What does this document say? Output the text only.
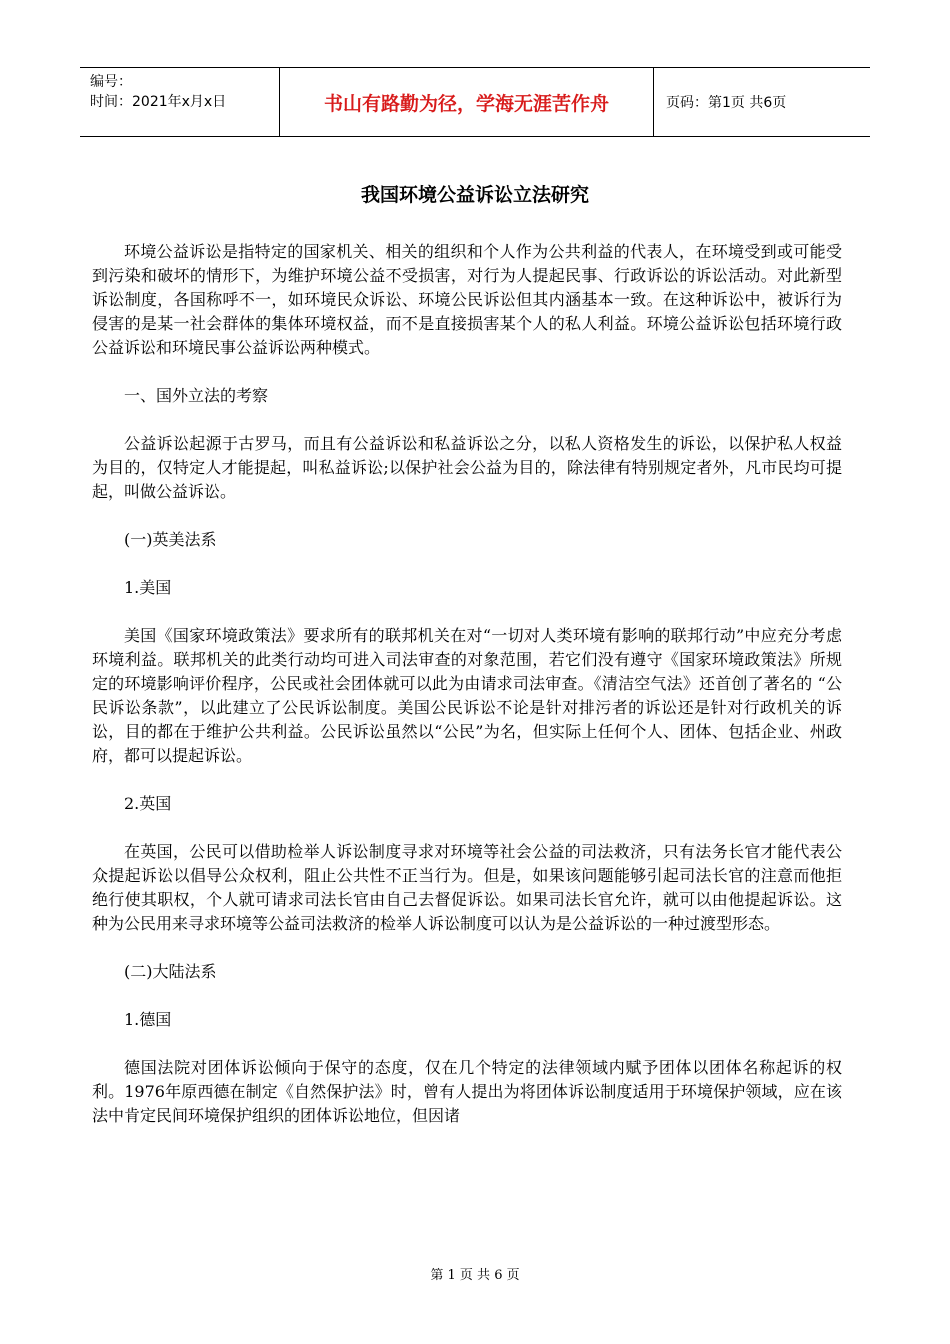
编号：
时间：2021年x月x日	书山有路勤为径，学海无涯苦作舟	页码：第1页 共6页
我国环境公益诉讼立法研究

环境公益诉讼是指特定的国家机关、相关的组织和个人作为公共利益的代表人，在环境受到或可能受到污染和破坏的情形下，为维护环境公益不受损害，对行为人提起民事、行政诉讼的诉讼活动。对此新型诉讼制度，各国称呼不一，如环境民众诉讼、环境公民诉讼但其内涵基本一致。在这种诉讼中，被诉行为侵害的是某一社会群体的集体环境权益，而不是直接损害某个人的私人利益。环境公益诉讼包括环境行政公益诉讼和环境民事公益诉讼两种模式。

一、国外立法的考察

公益诉讼起源于古罗马，而且有公益诉讼和私益诉讼之分，以私人资格发生的诉讼，以保护私人权益为目的，仅特定人才能提起，叫私益诉讼;以保护社会公益为目的，除法律有特别规定者外，凡市民均可提起，叫做公益诉讼。

(一)英美法系

1.美国

美国《国家环境政策法》要求所有的联邦机关在对“一切对人类环境有影响的联邦行动”中应充分考虑环境利益。联邦机关的此类行动均可进入司法审查的对象范围，若它们没有遵守《国家环境政策法》所规定的环境影响评价程序，公民或社会团体就可以此为由请求司法审查。《清洁空气法》还首创了著名的 “公民诉讼条款”，以此建立了公民诉讼制度。美国公民诉讼不论是针对排污者的诉讼还是针对行政机关的诉讼，目的都在于维护公共利益。公民诉讼虽然以“公民”为名，但实际上任何个人、团体、包括企业、州政府，都可以提起诉讼。

2.英国

在英国，公民可以借助检举人诉讼制度寻求对环境等社会公益的司法救济，只有法务长官才能代表公众提起诉讼以倡导公众权利，阻止公共性不正当行为。但是，如果该问题能够引起司法长官的注意而他拒绝行使其职权，个人就可请求司法长官由自己去督促诉讼。如果司法长官允许，就可以由他提起诉讼。这种为公民用来寻求环境等公益司法救济的检举人诉讼制度可以认为是公益诉讼的一种过渡型形态。

(二)大陆法系

1.德国

德国法院对团体诉讼倾向于保守的态度，仅在几个特定的法律领域内赋予团体以团体名称起诉的权利。1976年原西德在制定《自然保护法》时，曾有人提出为将团体诉讼制度适用于环境保护领域，应在该法中肯定民间环境保护组织的团体诉讼地位，但因诸

第 1 页 共 6 页
